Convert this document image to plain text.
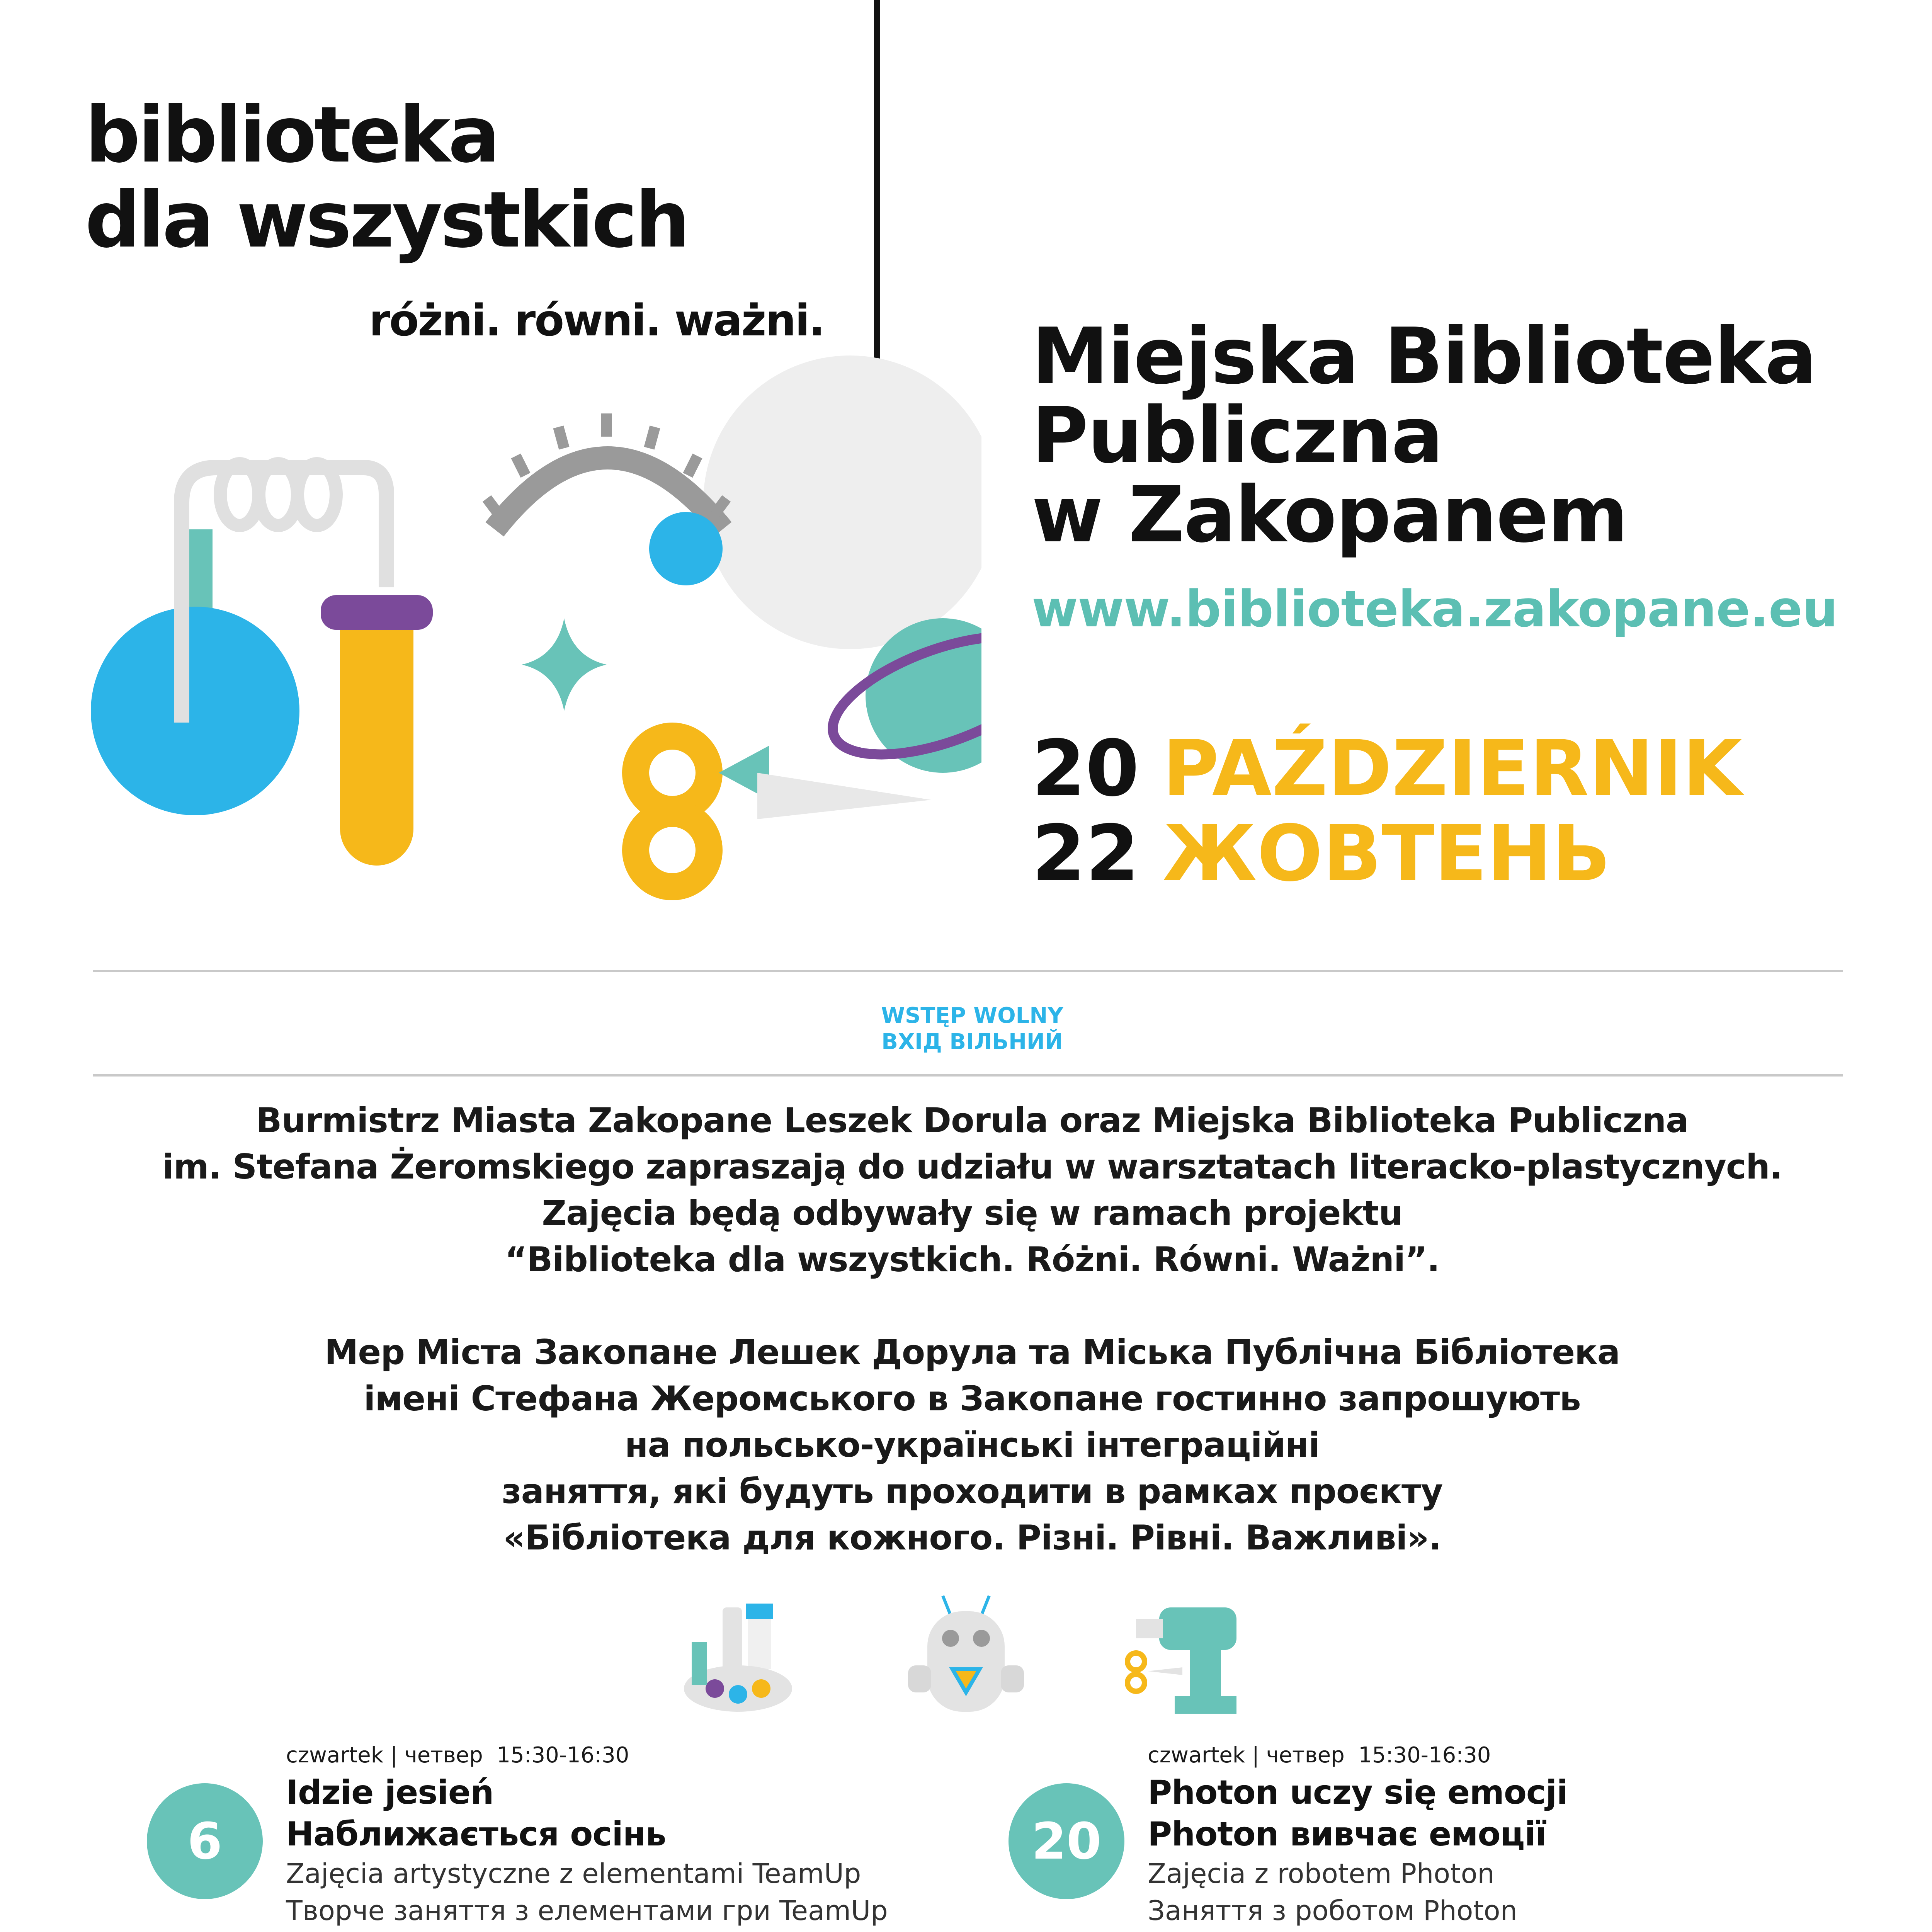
biblioteka
dla wszystkich
różni. równi. ważni.	Miejska Biblioteka
Publiczna
w Zakopanem
www.biblioteka.zakopane.eu
20
22
PAŹDZIERNIK
ЖОВТЕНЬ
WSTĘP WOLNY
ВХІД ВІЛЬНИЙ
Burmistrz Miasta Zakopane Leszek Dorula oraz Miejska Biblioteka Publiczna
im. Stefana Żeromskiego zapraszają do udziału w warsztatach literacko-plastycznych.
Zajęcia będą odbywały się w ramach projektu
“Biblioteka dla wszystkich. Różni. Równi. Ważni”.
Мер Міста Закопане Лешек Дорула та Міська Публічна Бібліотека
імені Стефана Жеромського в Закопане гостинно запрошують
на польсько-українські інтеграційні
заняття, які будуть проходити в рамках проєкту
«Бібліотека для кожного. Різні. Рівні. Важливі».
czwartek | четвер 15:30-16:30
6
Idzie jesień
Наближається осінь
Zajęcia artystyczne z elementami TeamUp
Творче заняття з елементами гри TeamUp
czwartek | четвер 15:30-16:30
20
Photon uczy się emocji
Photon вивчає емоції
Zajęcia z robotem Photon
Заняття з роботом Photon
